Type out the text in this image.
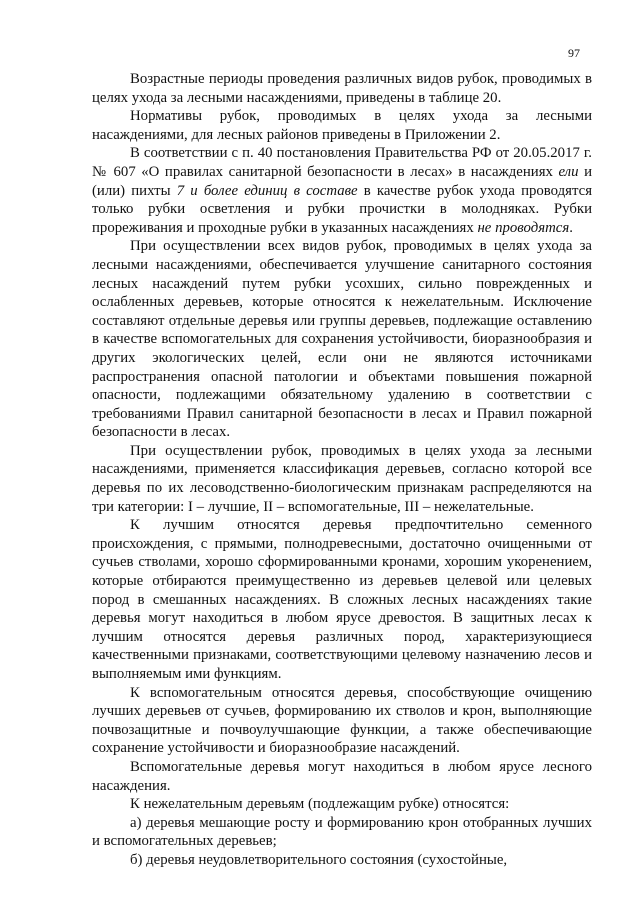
97

Возрастные периоды проведения различных видов рубок, проводимых в целях ухода за лесными насаждениями, приведены в таблице 20.

Нормативы рубок, проводимых в целях ухода за лесными насаждениями, для лесных районов приведены в Приложении 2.

В соответствии с п. 40 постановления Правительства РФ от 20.05.2017 г. № 607 «О правилах санитарной безопасности в лесах» в насаждениях ели и (или) пихты 7 и более единиц в составе в качестве рубок ухода проводятся только рубки осветления и рубки прочистки в молодняках. Рубки прореживания и проходные рубки в указанных насаждениях не проводятся.

При осуществлении всех видов рубок, проводимых в целях ухода за лесными насаждениями, обеспечивается улучшение санитарного состояния лесных насаждений путем рубки усохших, сильно поврежденных и ослабленных деревьев, которые относятся к нежелательным. Исключение составляют отдельные деревья или группы деревьев, подлежащие оставлению в качестве вспомогательных для сохранения устойчивости, биоразнообразия и других экологических целей, если они не являются источниками распространения опасной патологии и объектами повышения пожарной опасности, подлежащими обязательному удалению в соответствии с требованиями Правил санитарной безопасности в лесах и Правил пожарной безопасности в лесах.

При осуществлении рубок, проводимых в целях ухода за лесными насаждениями, применяется классификация деревьев, согласно которой все деревья по их лесоводственно-биологическим признакам распределяются на три категории: I – лучшие, II – вспомогательные, III – нежелательные.

К лучшим относятся деревья предпочтительно семенного происхождения, с прямыми, полнодревесными, достаточно очищенными от сучьев стволами, хорошо сформированными кронами, хорошим укоренением, которые отбираются преимущественно из деревьев целевой или целевых пород в смешанных насаждениях. В сложных лесных насаждениях такие деревья могут находиться в любом ярусе древостоя. В защитных лесах к лучшим относятся деревья различных пород, характеризующиеся качественными признаками, соответствующими целевому назначению лесов и выполняемым ими функциям.

К вспомогательным относятся деревья, способствующие очищению лучших деревьев от сучьев, формированию их стволов и крон, выполняющие почвозащитные и почвоулучшающие функции, а также обеспечивающие сохранение устойчивости и биоразнообразие насаждений.

Вспомогательные деревья могут находиться в любом ярусе лесного насаждения.

К нежелательным деревьям (подлежащим рубке) относятся:

а) деревья мешающие росту и формированию крон отобранных лучших и вспомогательных деревьев;

б) деревья неудовлетворительного состояния (сухостойные,
